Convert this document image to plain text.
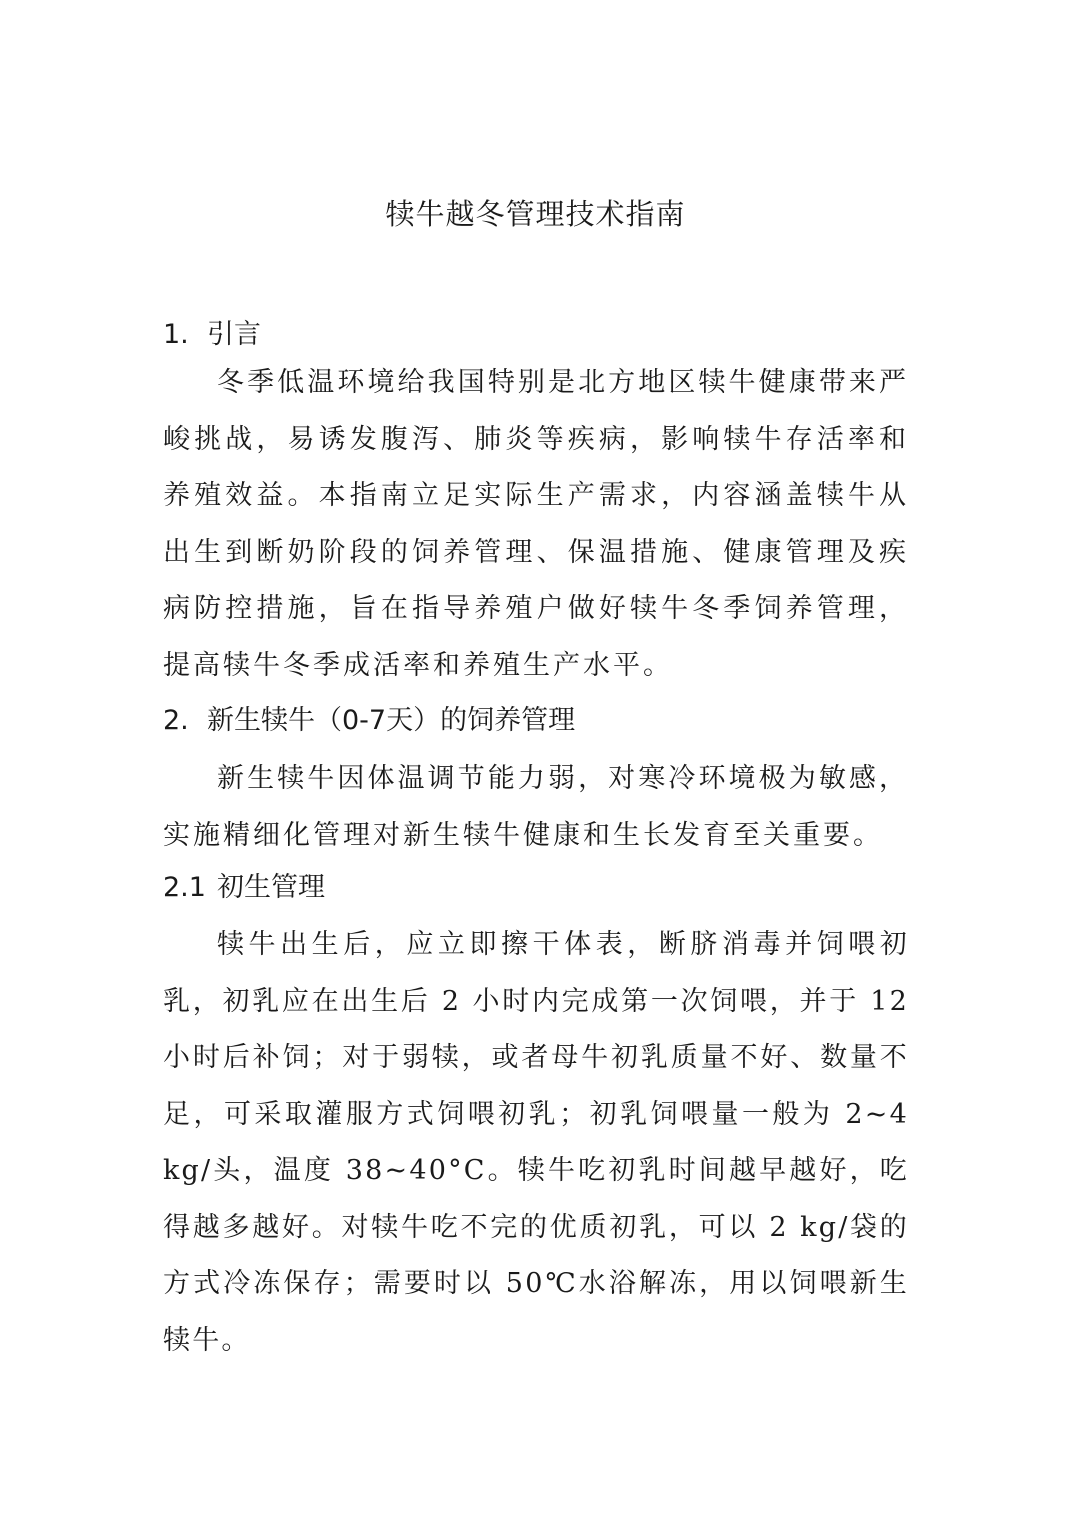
犊牛越冬管理技术指南
1. 引言
冬季低温环境给我国特别是北方地区犊牛健康带来严峻挑战，易诱发腹泻、肺炎等疾病，影响犊牛存活率和养殖效益。本指南立足实际生产需求，内容涵盖犊牛从出生到断奶阶段的饲养管理、保温措施、健康管理及疾病防控措施，旨在指导养殖户做好犊牛冬季饲养管理，提高犊牛冬季成活率和养殖生产水平。
2. 新生犊牛（0-7天）的饲养管理
新生犊牛因体温调节能力弱，对寒冷环境极为敏感，实施精细化管理对新生犊牛健康和生长发育至关重要。
2.1 初生管理
犊牛出生后，应立即擦干体表，断脐消毒并饲喂初乳，初乳应在出生后 2 小时内完成第一次饲喂，并于 12 小时后补饲；对于弱犊，或者母牛初乳质量不好、数量不足，可采取灌服方式饲喂初乳；初乳饲喂量一般为 2~4 kg/头，温度 38~40°C。犊牛吃初乳时间越早越好，吃得越多越好。对犊牛吃不完的优质初乳，可以 2 kg/袋的方式冷冻保存；需要时以 50℃水浴解冻，用以饲喂新生犊牛。
